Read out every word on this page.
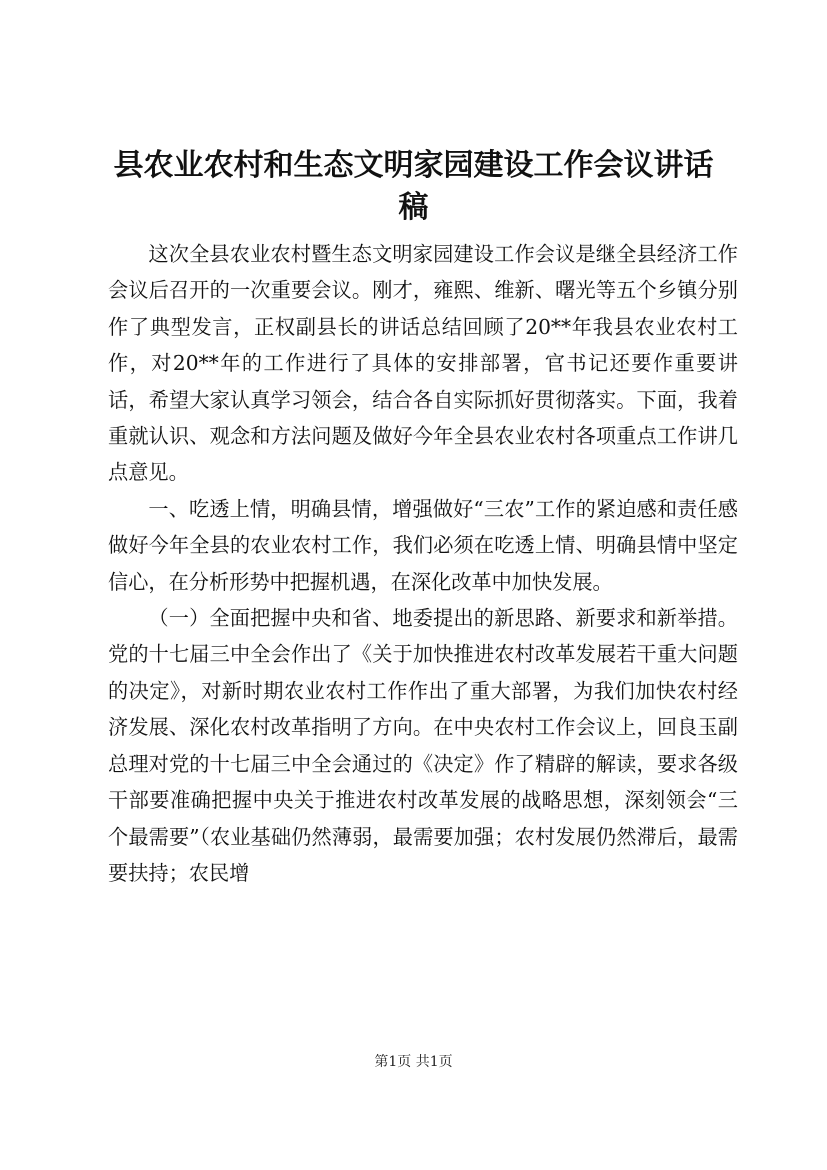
县农业农村和生态文明家园建设工作会议讲话稿

这次全县农业农村暨生态文明家园建设工作会议是继全县经济工作会议后召开的一次重要会议。刚才，雍熙、维新、曙光等五个乡镇分别作了典型发言，正权副县长的讲话总结回顾了20**年我县农业农村工作，对20**年的工作进行了具体的安排部署，官书记还要作重要讲话，希望大家认真学习领会，结合各自实际抓好贯彻落实。下面，我着重就认识、观念和方法问题及做好今年全县农业农村各项重点工作讲几点意见。

一、吃透上情，明确县情，增强做好“三农”工作的紧迫感和责任感做好今年全县的农业农村工作，我们必须在吃透上情、明确县情中坚定信心，在分析形势中把握机遇，在深化改革中加快发展。

（一）全面把握中央和省、地委提出的新思路、新要求和新举措。党的十七届三中全会作出了《关于加快推进农村改革发展若干重大问题的决定》，对新时期农业农村工作作出了重大部署，为我们加快农村经济发展、深化农村改革指明了方向。在中央农村工作会议上，回良玉副总理对党的十七届三中全会通过的《决定》作了精辟的解读，要求各级干部要准确把握中央关于推进农村改革发展的战略思想，深刻领会“三个最需要”（农业基础仍然薄弱，最需要加强；农村发展仍然滞后，最需要扶持；农民增

第1页 共1页
